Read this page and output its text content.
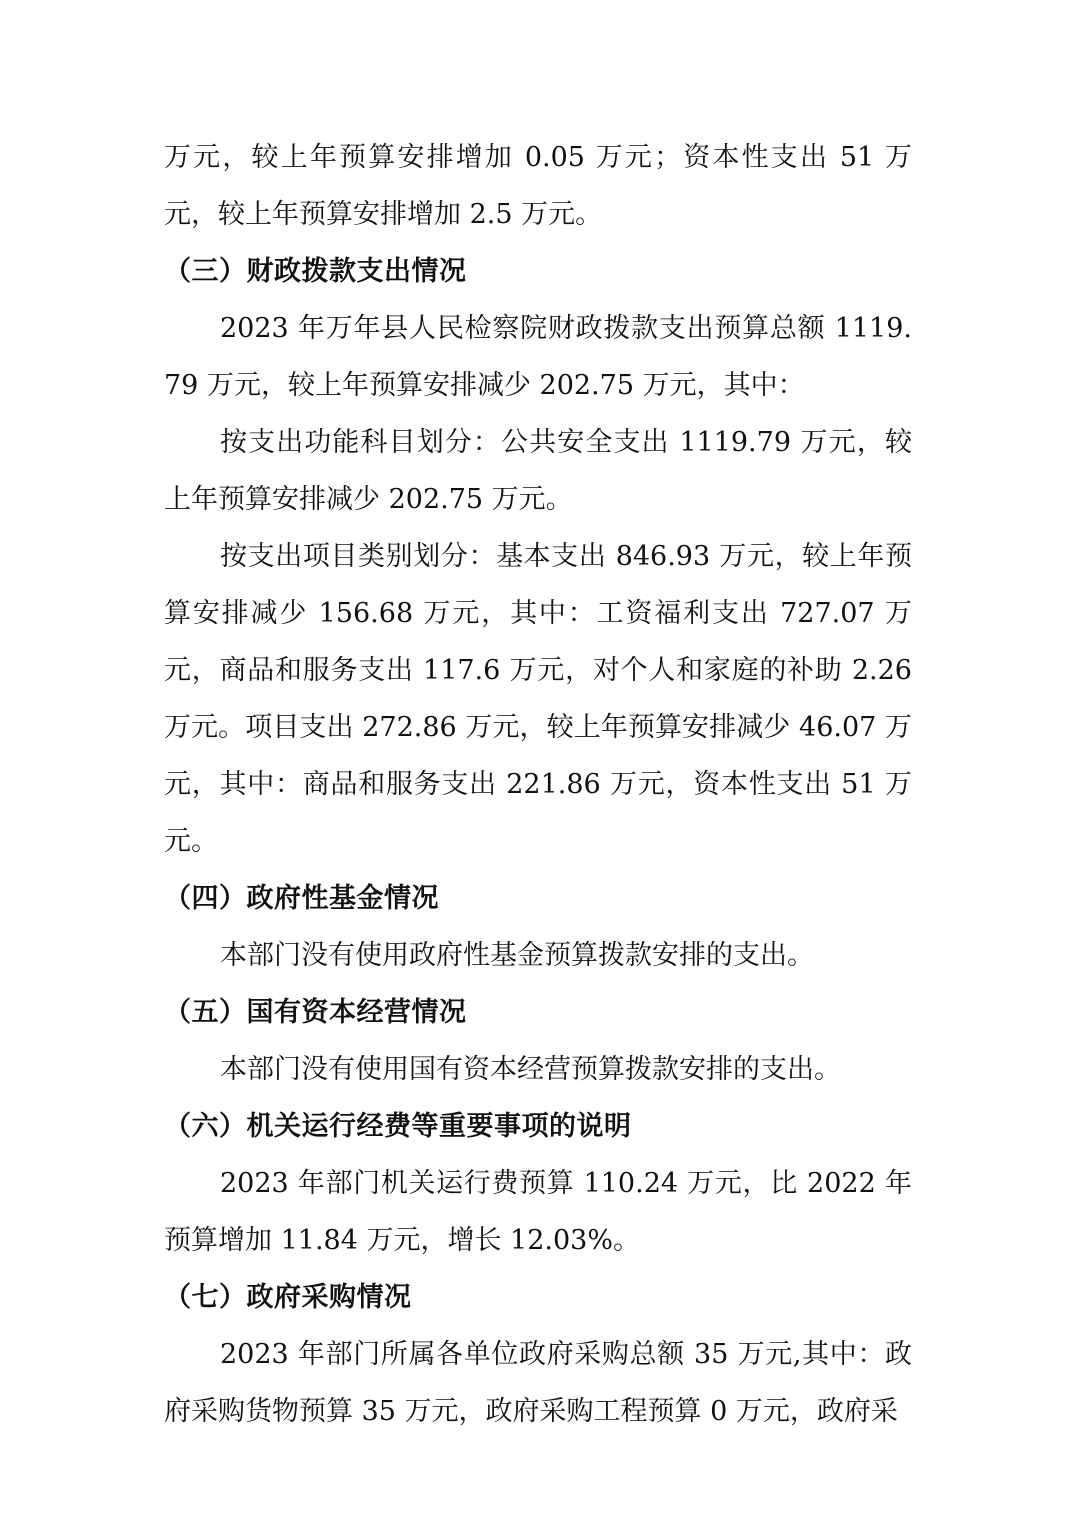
万元，较上年预算安排增加 0.05 万元；资本性支出 51 万元，较上年预算安排增加 2.5 万元。

（三）财政拨款支出情况

2023 年万年县人民检察院财政拨款支出预算总额 1119.79 万元，较上年预算安排减少 202.75 万元，其中：

按支出功能科目划分：公共安全支出 1119.79 万元，较上年预算安排减少 202.75 万元。

按支出项目类别划分：基本支出 846.93 万元，较上年预算安排减少 156.68 万元，其中：工资福利支出 727.07 万元，商品和服务支出 117.6 万元，对个人和家庭的补助 2.26 万元。项目支出 272.86 万元，较上年预算安排减少 46.07 万元，其中：商品和服务支出 221.86 万元，资本性支出 51 万元。

（四）政府性基金情况

本部门没有使用政府性基金预算拨款安排的支出。

（五）国有资本经营情况

本部门没有使用国有资本经营预算拨款安排的支出。

（六）机关运行经费等重要事项的说明

2023 年部门机关运行费预算 110.24 万元，比 2022 年预算增加 11.84 万元，增长 12.03%。

（七）政府采购情况

2023 年部门所属各单位政府采购总额 35 万元,其中：政府采购货物预算 35 万元，政府采购工程预算 0 万元，政府采
